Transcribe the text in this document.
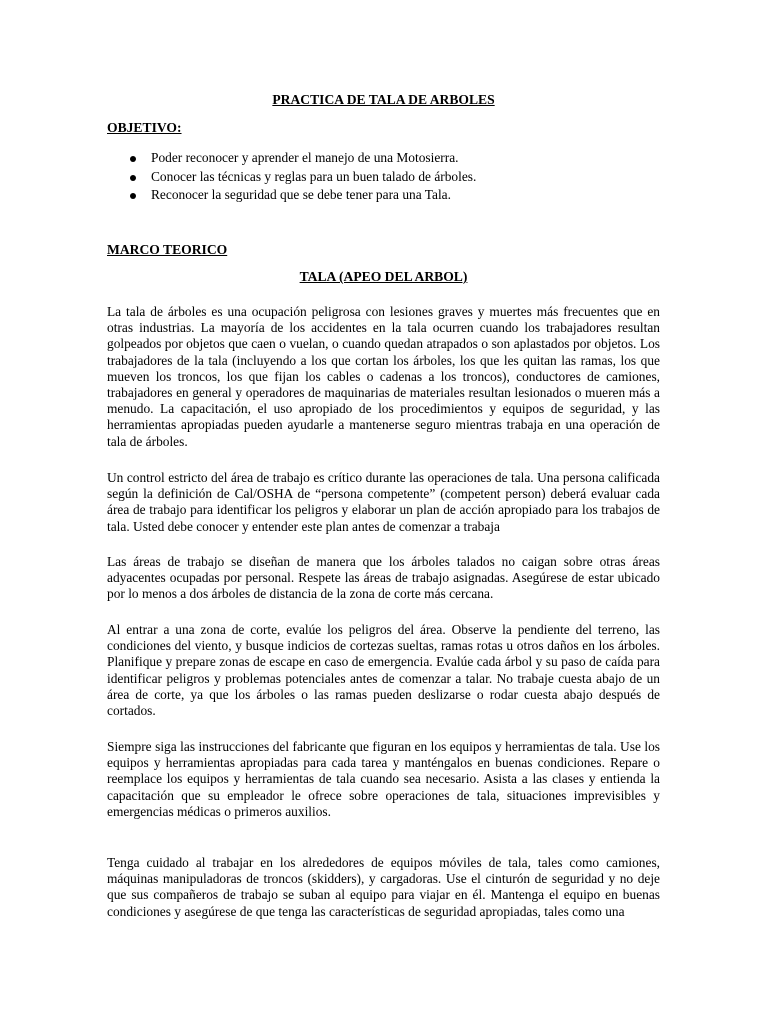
PRACTICA DE TALA DE ARBOLES
OBJETIVO:
Poder reconocer y aprender el manejo de una Motosierra.
Conocer las técnicas y reglas para un buen talado de árboles.
Reconocer la seguridad que se debe tener para una Tala.
MARCO TEORICO
TALA (APEO DEL ARBOL)

La tala de árboles es una ocupación peligrosa con lesiones graves y muertes más frecuentes que en otras industrias. La mayoría de los accidentes en la tala ocurren cuando los trabajadores resultan golpeados por objetos que caen o vuelan, o cuando quedan atrapados o son aplastados por objetos. Los trabajadores de la tala (incluyendo a los que cortan los árboles, los que les quitan las ramas, los que mueven los troncos, los que fijan los cables o cadenas a los troncos), conductores de camiones, trabajadores en general y operadores de maquinarias de materiales resultan lesionados o mueren más a menudo. La capacitación, el uso apropiado de los procedimientos y equipos de seguridad, y las herramientas apropiadas pueden ayudarle a mantenerse seguro mientras trabaja en una operación de tala de árboles.

Un control estricto del área de trabajo es crítico durante las operaciones de tala. Una persona calificada según la definición de Cal/OSHA de “persona competente” (competent person) deberá evaluar cada área de trabajo para identificar los peligros y elaborar un plan de acción apropiado para los trabajos de tala. Usted debe conocer y entender este plan antes de comenzar a trabaja

Las áreas de trabajo se diseñan de manera que los árboles talados no caigan sobre otras áreas adyacentes ocupadas por personal. Respete las áreas de trabajo asignadas. Asegúrese de estar ubicado por lo menos a dos árboles de distancia de la zona de corte más cercana.

Al entrar a una zona de corte, evalúe los peligros del área. Observe la pendiente del terreno, las condiciones del viento, y busque indicios de cortezas sueltas, ramas rotas u otros daños en los árboles. Planifique y prepare zonas de escape en caso de emergencia. Evalúe cada árbol y su paso de caída para identificar peligros y problemas potenciales antes de comenzar a talar. No trabaje cuesta abajo de un área de corte, ya que los árboles o las ramas pueden deslizarse o rodar cuesta abajo después de cortados.

Siempre siga las instrucciones del fabricante que figuran en los equipos y herramientas de tala. Use los equipos y herramientas apropiadas para cada tarea y manténgalos en buenas condiciones. Repare o reemplace los equipos y herramientas de tala cuando sea necesario. Asista a las clases y entienda la capacitación que su empleador le ofrece sobre operaciones de tala, situaciones imprevisibles y emergencias médicas o primeros auxilios.

Tenga cuidado al trabajar en los alrededores de equipos móviles de tala, tales como camiones, máquinas manipuladoras de troncos (skidders), y cargadoras. Use el cinturón de seguridad y no deje que sus compañeros de trabajo se suban al equipo para viajar en él. Mantenga el equipo en buenas condiciones y asegúrese de que tenga las características de seguridad apropiadas, tales como una
